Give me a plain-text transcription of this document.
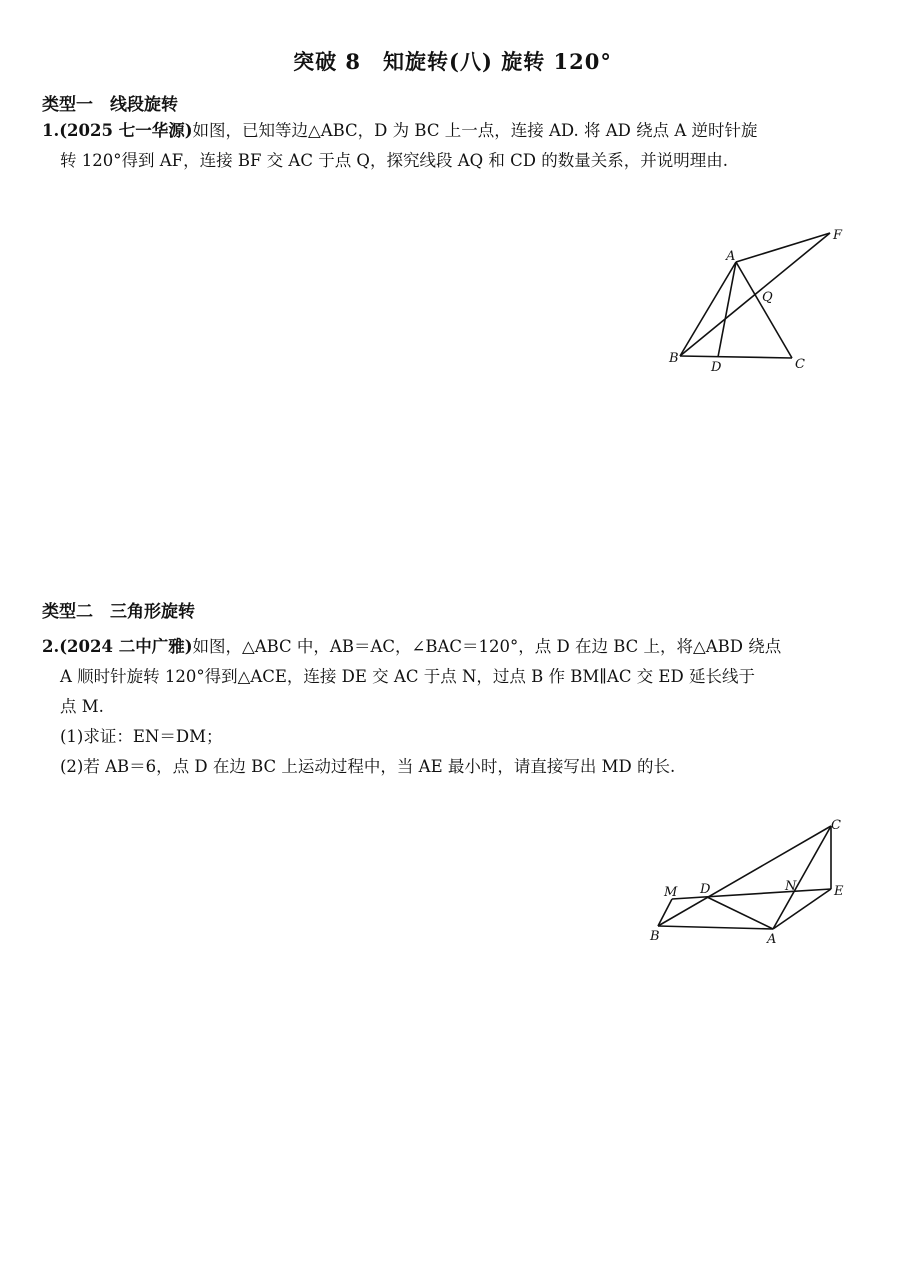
突破 8　知旋转(八) 旋转 120°
类型一　线段旋转
1.(2025 七一华源)如图，已知等边△ABC，D 为 BC 上一点，连接 AD. 将 AD 绕点 A 逆时针旋
转 120°得到 AF，连接 BF 交 AC 于点 Q，探究线段 AQ 和 CD 的数量关系，并说明理由.
A
F
Q
B
D	C
类型二　三角形旋转
2.(2024 二中广雅)如图，△ABC 中，AB＝AC，∠BAC＝120°，点 D 在边 BC 上，将△ABD 绕点
A 顺时针旋转 120°得到△ACE，连接 DE 交 AC 于点 N，过点 B 作 BM∥AC 交 ED 延长线于
点 M.
(1)求证：EN＝DM；
(2)若 AB＝6，点 D 在边 BC 上运动过程中，当 AE 最小时，请直接写出 MD 的长.
C
M D	N	E
B	A
